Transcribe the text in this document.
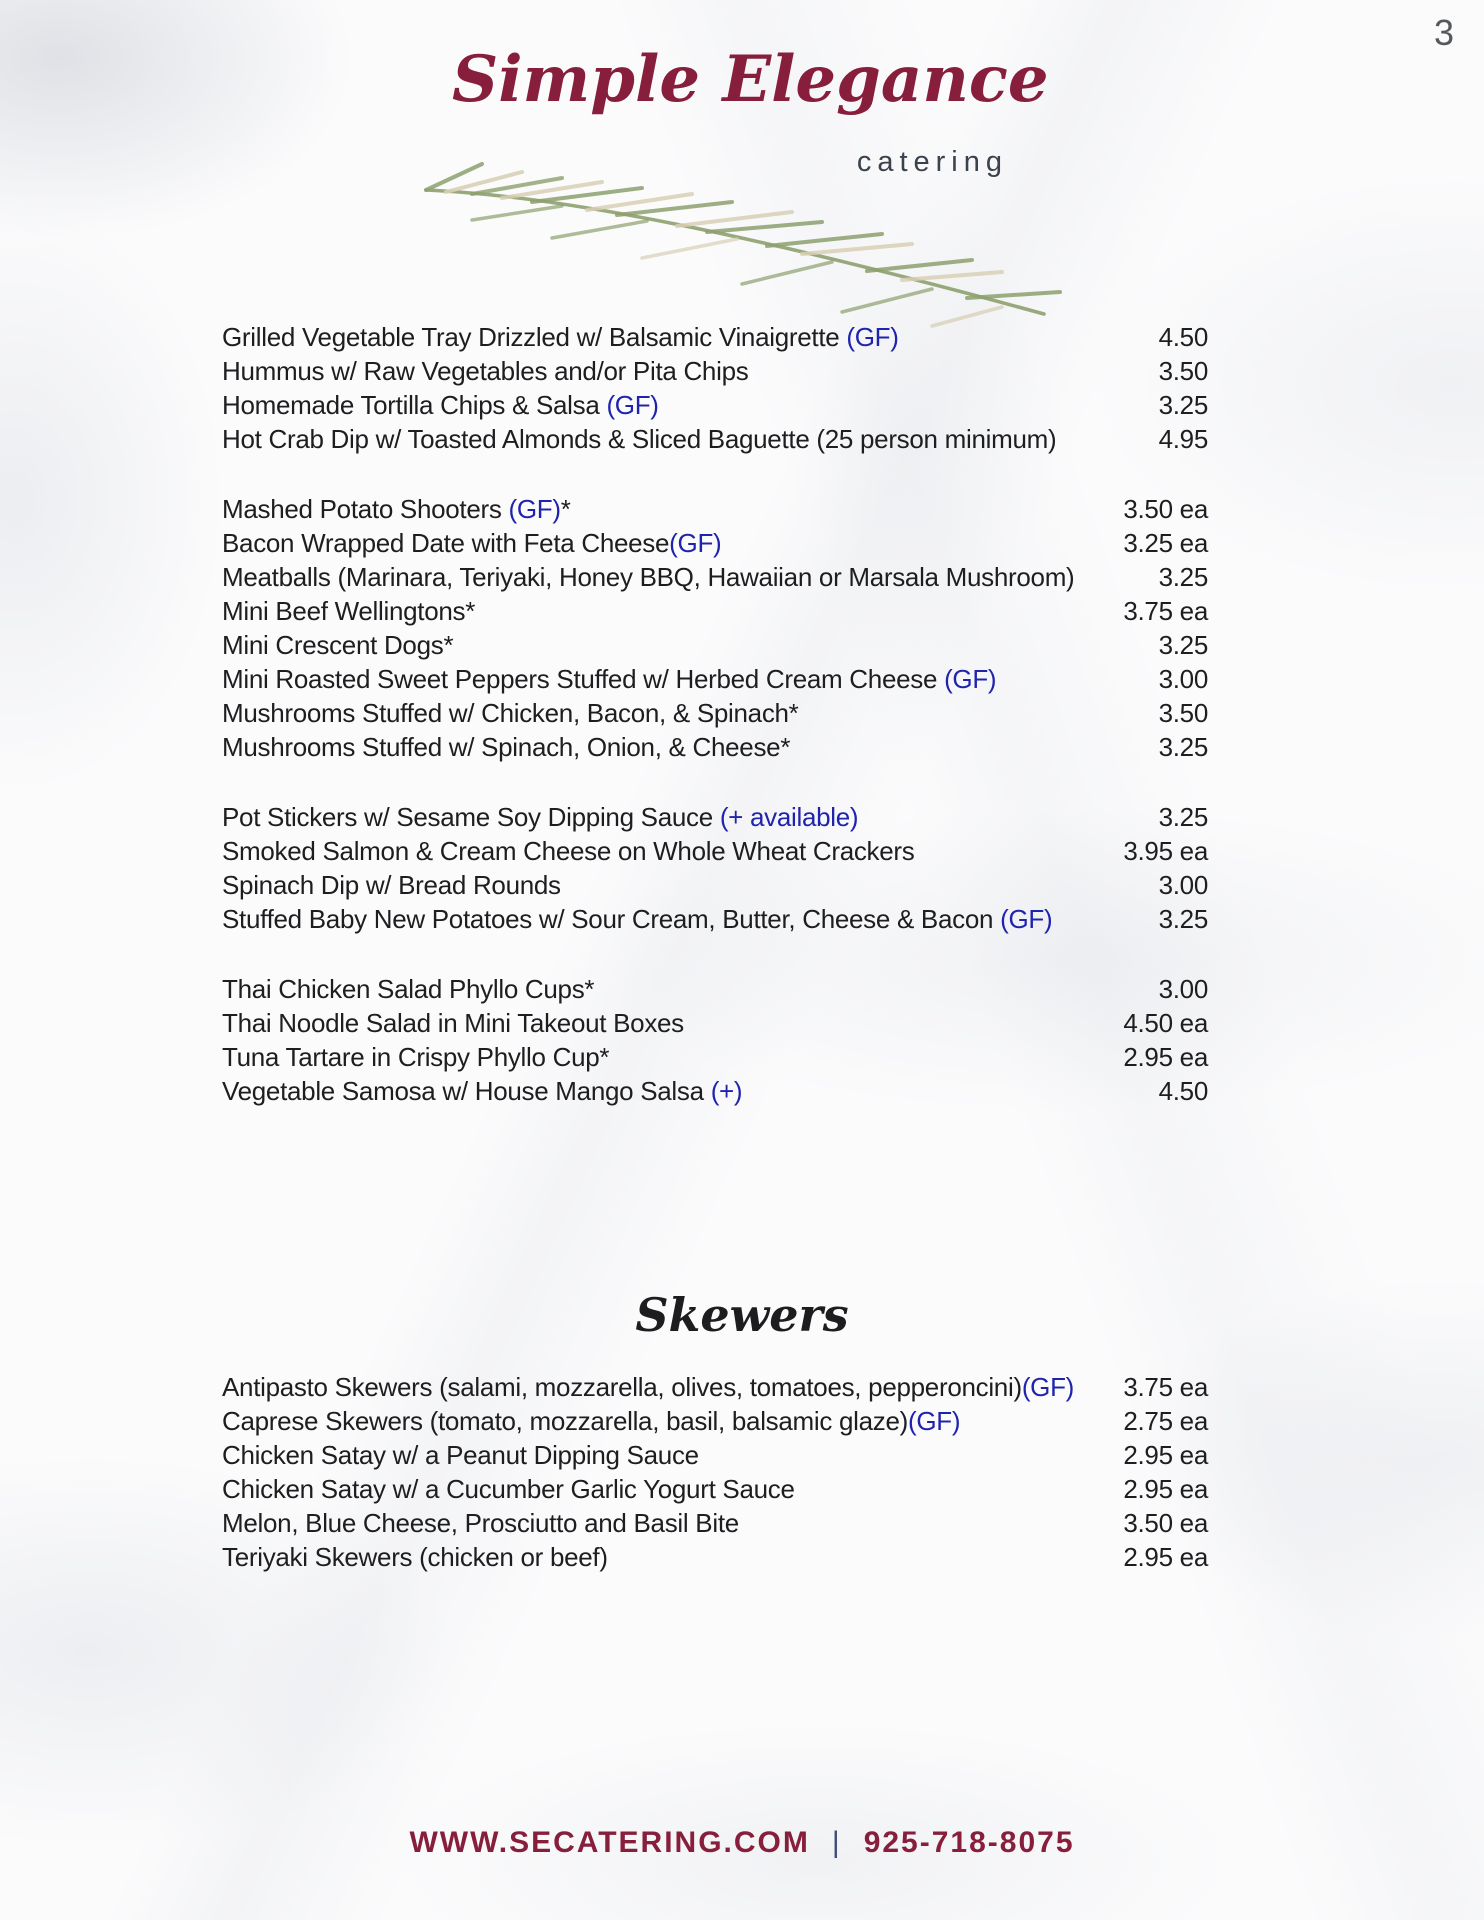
3
Simple Elegance
catering
Grilled Vegetable Tray Drizzled w/ Balsamic Vinaigrette (GF)	4.50
Hummus w/ Raw Vegetables and/or Pita Chips	3.50
Homemade Tortilla Chips & Salsa (GF)	3.25
Hot Crab Dip w/ Toasted Almonds & Sliced Baguette (25 person minimum)	4.95
Mashed Potato Shooters (GF)*	3.50 ea
Bacon Wrapped Date with Feta Cheese(GF)	3.25 ea
Meatballs (Marinara, Teriyaki, Honey BBQ, Hawaiian or Marsala Mushroom)	3.25
Mini Beef Wellingtons*	3.75 ea
Mini Crescent Dogs*	3.25
Mini Roasted Sweet Peppers Stuffed w/ Herbed Cream Cheese (GF)	3.00
Mushrooms Stuffed w/ Chicken, Bacon, & Spinach*	3.50
Mushrooms Stuffed w/ Spinach, Onion, & Cheese*	3.25
Pot Stickers w/ Sesame Soy Dipping Sauce (+ available)	3.25
Smoked Salmon & Cream Cheese on Whole Wheat Crackers	3.95 ea
Spinach Dip w/ Bread Rounds	3.00
Stuffed Baby New Potatoes w/ Sour Cream, Butter, Cheese & Bacon (GF)	3.25
Thai Chicken Salad Phyllo Cups*	3.00
Thai Noodle Salad in Mini Takeout Boxes	4.50 ea
Tuna Tartare in Crispy Phyllo Cup*	2.95 ea
Vegetable Samosa w/ House Mango Salsa (+)	4.50
Skewers
Antipasto Skewers (salami, mozzarella, olives, tomatoes, pepperoncini)(GF)	3.75 ea
Caprese Skewers (tomato, mozzarella, basil, balsamic glaze)(GF)	2.75 ea
Chicken Satay w/ a Peanut Dipping Sauce	2.95 ea
Chicken Satay w/ a Cucumber Garlic Yogurt Sauce	2.95 ea
Melon, Blue Cheese, Prosciutto and Basil Bite	3.50 ea
Teriyaki Skewers (chicken or beef)	2.95 ea
WWW.SECATERING.COM | 925-718-8075
